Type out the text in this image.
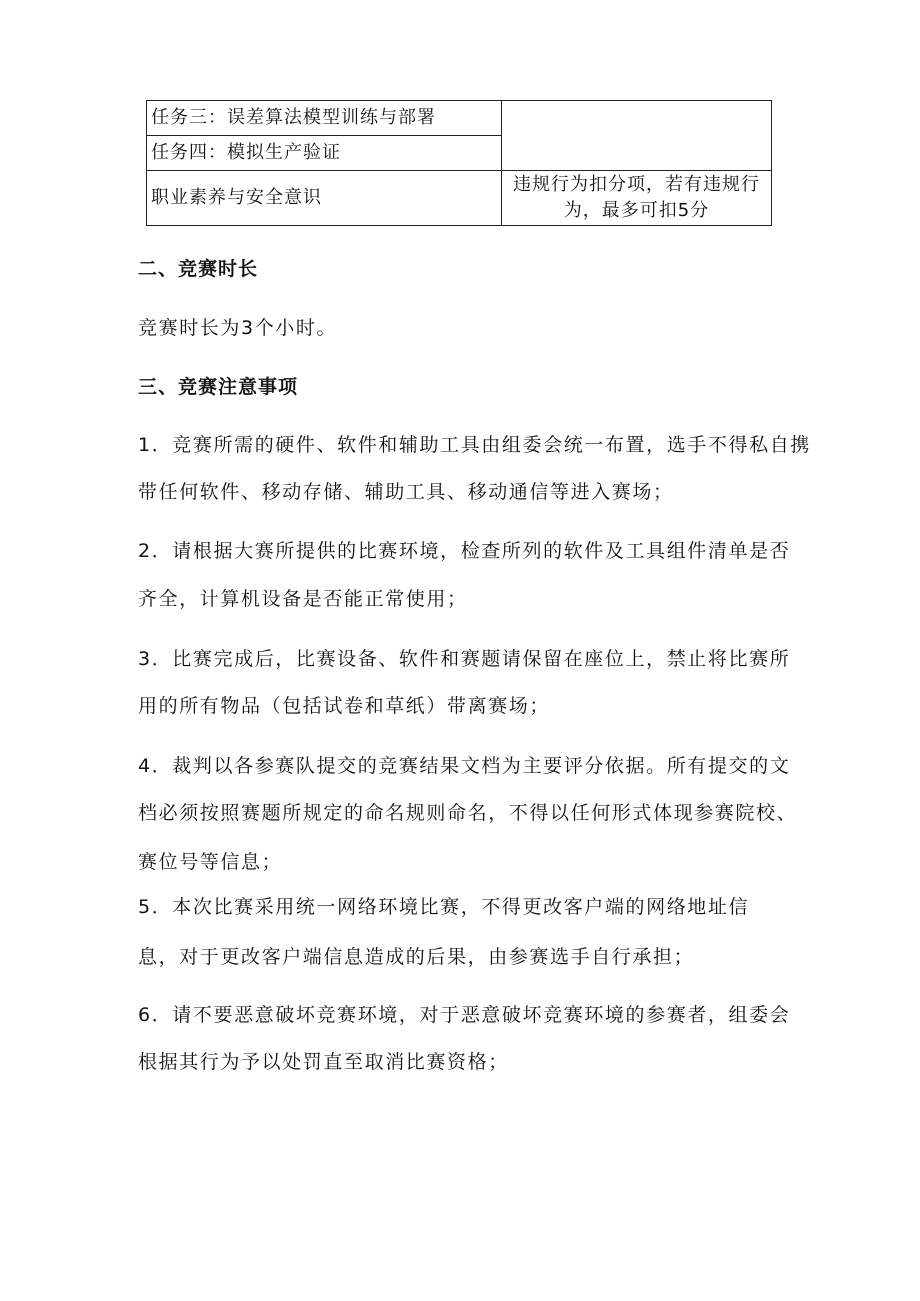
任务三：误差算法模型训练与部署	
任务四：模拟生产验证	
职业素养与安全意识	违规行为扣分项，若有违规行
为，最多可扣5分
二、竞赛时长
竞赛时长为3个小时。
三、竞赛注意事项
1．竞赛所需的硬件、软件和辅助工具由组委会统一布置，选手不得私自携
带任何软件、移动存储、辅助工具、移动通信等进入赛场；
2．请根据大赛所提供的比赛环境，检查所列的软件及工具组件清单是否
齐全，计算机设备是否能正常使用；
3．比赛完成后，比赛设备、软件和赛题请保留在座位上，禁止将比赛所
用的所有物品（包括试卷和草纸）带离赛场；
4．裁判以各参赛队提交的竞赛结果文档为主要评分依据。所有提交的文
档必须按照赛题所规定的命名规则命名，不得以任何形式体现参赛院校、
赛位号等信息；
5．本次比赛采用统一网络环境比赛，不得更改客户端的网络地址信
息，对于更改客户端信息造成的后果，由参赛选手自行承担；
6．请不要恶意破坏竞赛环境，对于恶意破坏竞赛环境的参赛者，组委会
根据其行为予以处罚直至取消比赛资格；
